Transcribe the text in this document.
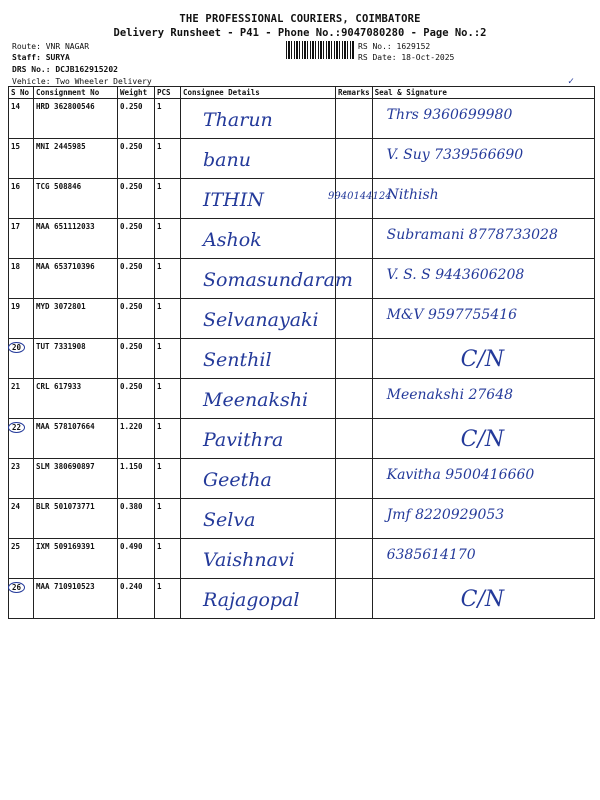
THE PROFESSIONAL COURIERS, COIMBATORE
Delivery Runsheet - P41 - Phone No.:9047080280 - Page No.:2
Route: VNR NAGAR
Staff: SURYA
DRS No.: DCJB162915202
Vehicle: Two Wheeler Delivery
RS No.: 1629152
RS Date: 18-Oct-2025
✓
S No	Consignment No	Weight	PCS	Consignee Details	Remarks	Seal & Signature
14	HRD 362800546	0.250	1	Tharun		Thrs 9360699980

15	MNI 2445985	0.250	1	banu		V. Suy 7339566690

16	TCG 508846	0.250	1	ITHIN	9940144124	Nithish

17	MAA 651112033	0.250	1	Ashok		Subramani 8778733028

18	MAA 653710396	0.250	1	Somasundaram		V. S. S 9443606208

19	MYD 3072801	0.250	1	Selvanayaki		M&V 9597755416

20	TUT 7331908	0.250	1	Senthil		C/N

21	CRL 617933	0.250	1	Meenakshi		Meenakshi 27648

22	MAA 578107664	1.220	1	Pavithra		C/N

23	SLM 380690897	1.150	1	Geetha		Kavitha 9500416660

24	BLR 501073771	0.380	1	Selva		Jmf 8220929053

25	IXM 509169391	0.490	1	Vaishnavi		6385614170

26	MAA 710910523	0.240	1	Rajagopal		C/N
